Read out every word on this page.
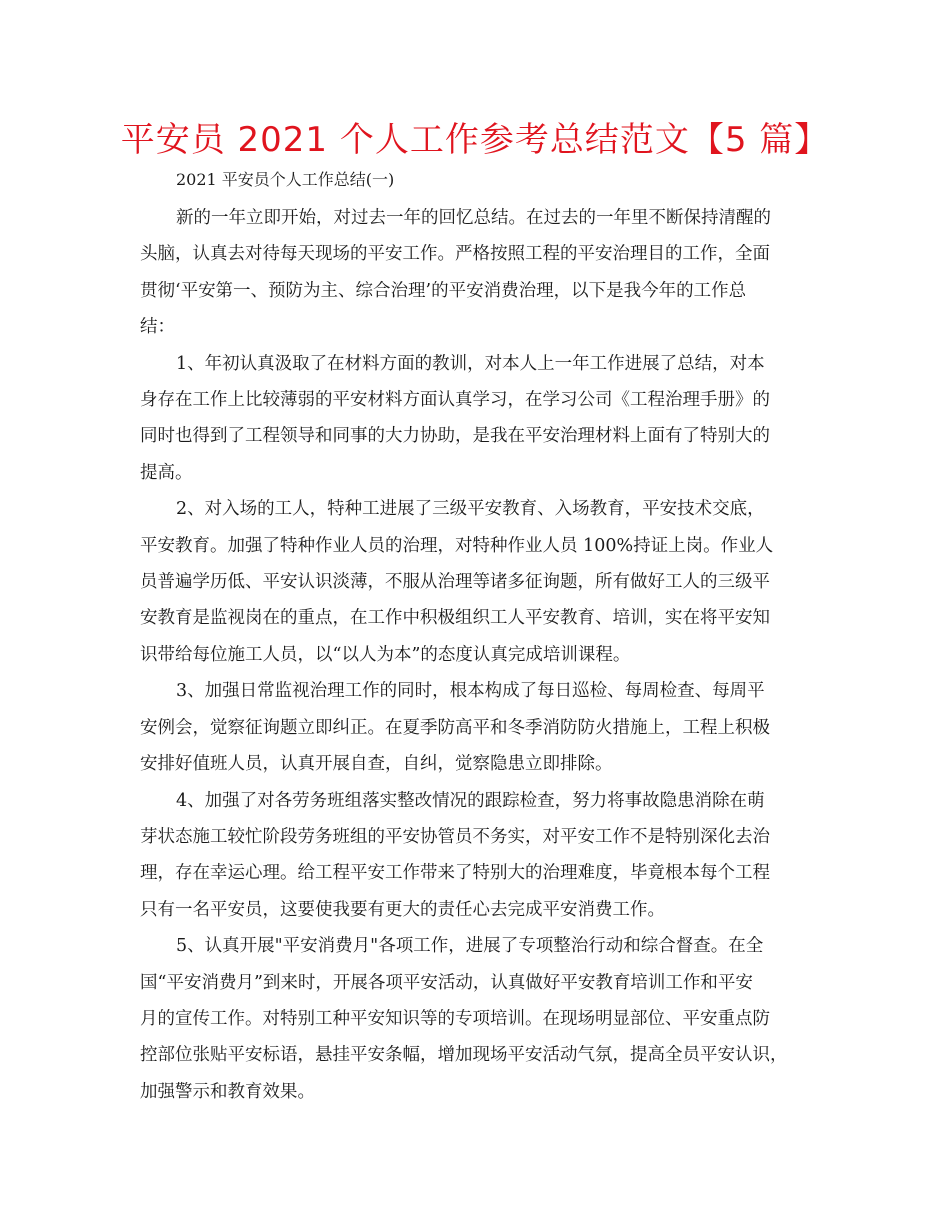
平安员 2021 个人工作参考总结范文【5 篇】

2021 平安员个人工作总结(一)

新的一年立即开始，对过去一年的回忆总结。在过去的一年里不断保持清醒的
头脑，认真去对待每天现场的平安工作。严格按照工程的平安治理目的工作，全面
贯彻‘平安第一、预防为主、综合治理’的平安消费治理，以下是我今年的工作总
结：
1、年初认真汲取了在材料方面的教训，对本人上一年工作进展了总结，对本
身存在工作上比较薄弱的平安材料方面认真学习，在学习公司《工程治理手册》的
同时也得到了工程领导和同事的大力协助，是我在平安治理材料上面有了特别大的
提高。
2、对入场的工人，特种工进展了三级平安教育、入场教育，平安技术交底，
平安教育。加强了特种作业人员的治理，对特种作业人员 100%持证上岗。作业人
员普遍学历低、平安认识淡薄，不服从治理等诸多征询题，所有做好工人的三级平
安教育是监视岗在的重点，在工作中积极组织工人平安教育、培训，实在将平安知
识带给每位施工人员，以“以人为本”的态度认真完成培训课程。
3、加强日常监视治理工作的同时，根本构成了每日巡检、每周检查、每周平
安例会，觉察征询题立即纠正。在夏季防高平和冬季消防防火措施上，工程上积极
安排好值班人员，认真开展自查，自纠，觉察隐患立即排除。
4、加强了对各劳务班组落实整改情况的跟踪检查，努力将事故隐患消除在萌
芽状态施工较忙阶段劳务班组的平安协管员不务实，对平安工作不是特别深化去治
理，存在幸运心理。给工程平安工作带来了特别大的治理难度，毕竟根本每个工程
只有一名平安员，这要使我要有更大的责任心去完成平安消费工作。
5、认真开展"平安消费月"各项工作，进展了专项整治行动和综合督查。在全
国“平安消费月”到来时，开展各项平安活动，认真做好平安教育培训工作和平安
月的宣传工作。对特别工种平安知识等的专项培训。在现场明显部位、平安重点防
控部位张贴平安标语，悬挂平安条幅，增加现场平安活动气氛，提高全员平安认识，
加强警示和教育效果。
